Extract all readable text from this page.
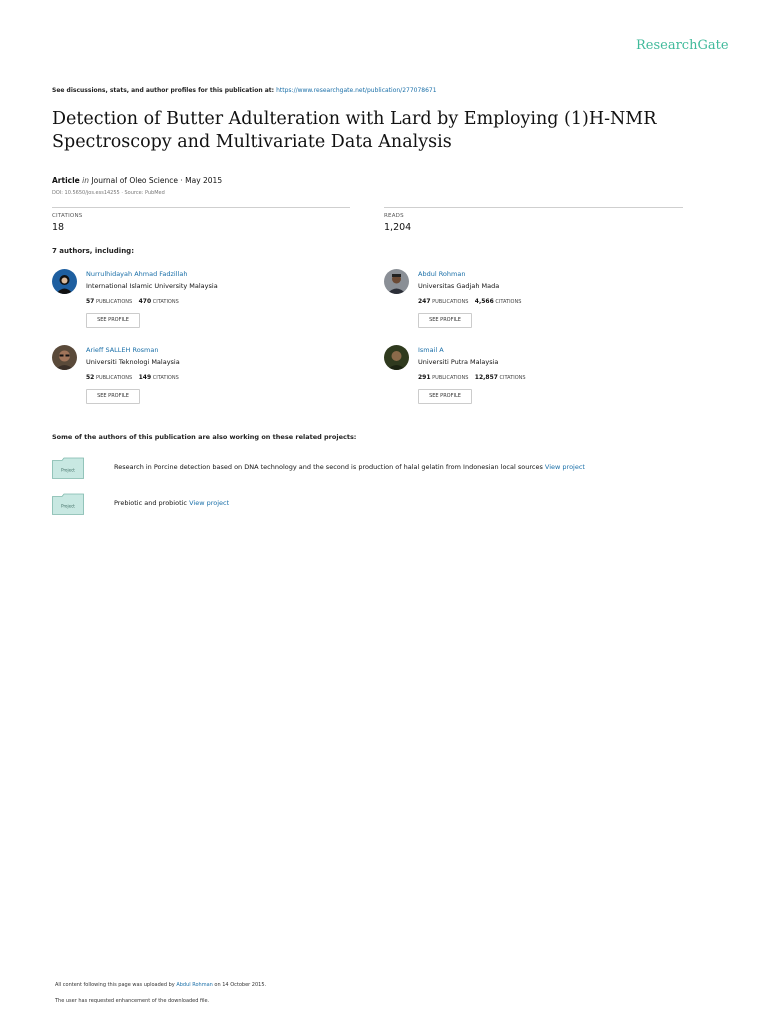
ResearchGate
See discussions, stats, and author profiles for this publication at: https://www.researchgate.net/publication/277078671
Detection of Butter Adulteration with Lard by Employing (1)H-NMR Spectroscopy and Multivariate Data Analysis
Article in Journal of Oleo Science · May 2015
DOI: 10.5650/jos.ess14255 · Source: PubMed
CITATIONS
18
READS
1,204
7 authors, including:
Nurrulhidayah Ahmad Fadzillah
International Islamic University Malaysia
57 PUBLICATIONS 470 CITATIONS
SEE PROFILE
Abdul Rohman
Universitas Gadjah Mada
247 PUBLICATIONS 4,566 CITATIONS
SEE PROFILE
Arieff SALLEH Rosman
Universiti Teknologi Malaysia
52 PUBLICATIONS 149 CITATIONS
SEE PROFILE
Ismail A
Universiti Putra Malaysia
291 PUBLICATIONS 12,857 CITATIONS
SEE PROFILE
Some of the authors of this publication are also working on these related projects:
Project	Research in Porcine detection based on DNA technology and the second is production of halal gelatin from Indonesian local sources View project
Project	Prebiotic and probiotic View project
All content following this page was uploaded by Abdul Rohman on 14 October 2015.
The user has requested enhancement of the downloaded file.
